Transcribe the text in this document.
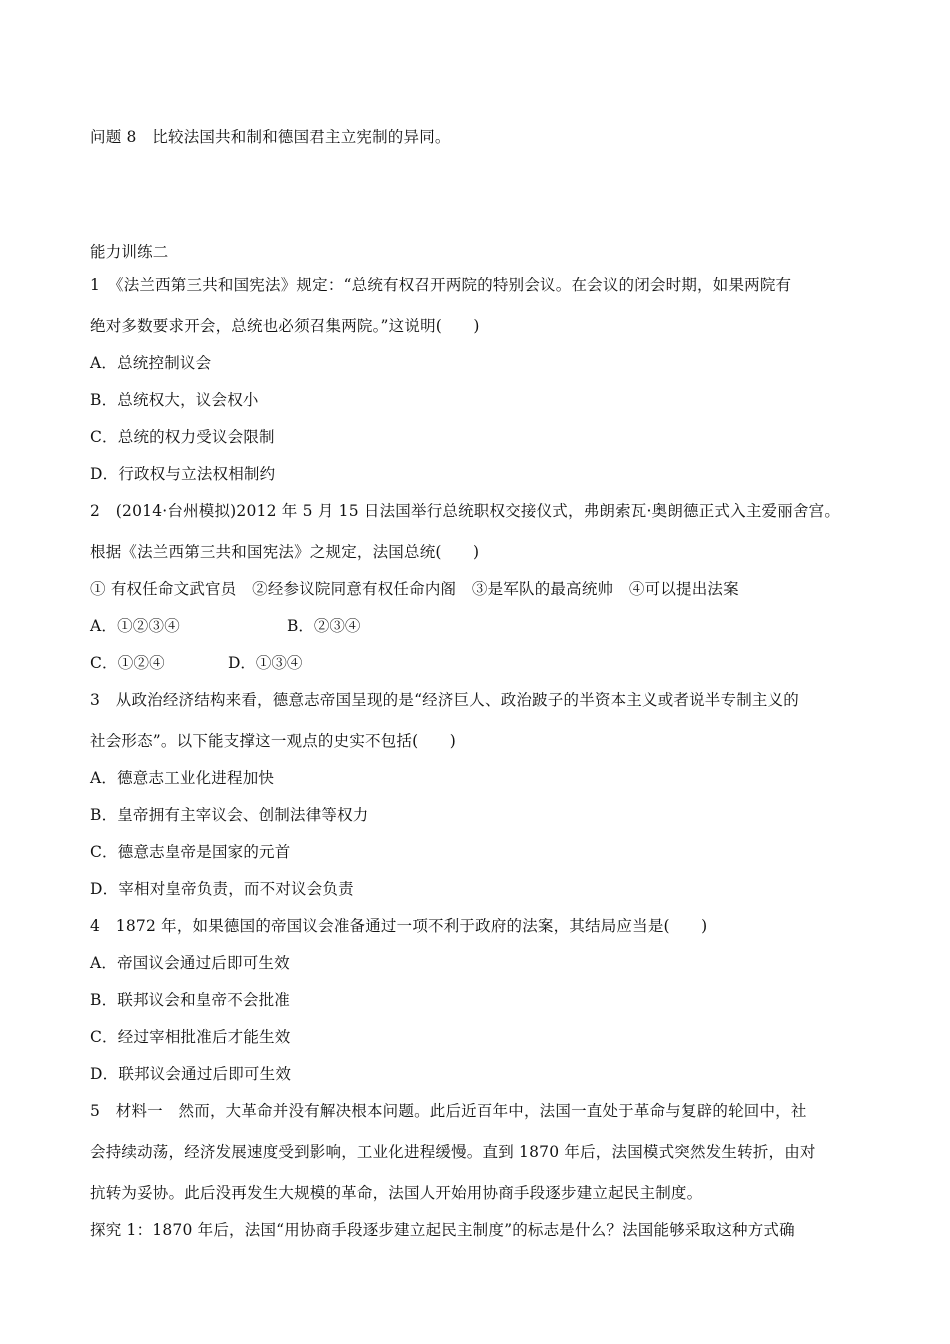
问题 8　比较法国共和制和德国君主立宪制的异同。
能力训练二
1　《法兰西第三共和国宪法》规定：“总统有权召开两院的特别会议。在会议的闭会时期，如果两院有
绝对多数要求开会，总统也必须召集两院。”这说明(　　)
A．总统控制议会
B．总统权大，议会权小
C．总统的权力受议会限制
D．行政权与立法权相制约
2　(2014·台州模拟)2012 年 5 月 15 日法国举行总统职权交接仪式，弗朗索瓦·奥朗德正式入主爱丽舍宫。
根据《法兰西第三共和国宪法》之规定，法国总统(　　)
① 有权任命文武官员　②经参议院同意有权任命内阁　③是军队的最高统帅　④可以提出法案
A．①②③④	B．②③④
C．①②④	D．①③④
3　从政治经济结构来看，德意志帝国呈现的是“经济巨人、政治跛子的半资本主义或者说半专制主义的
社会形态”。以下能支撑这一观点的史实不包括(　　)
A．德意志工业化进程加快
B．皇帝拥有主宰议会、创制法律等权力
C．德意志皇帝是国家的元首
D．宰相对皇帝负责，而不对议会负责
4　1872 年，如果德国的帝国议会准备通过一项不利于政府的法案，其结局应当是(　　)
A．帝国议会通过后即可生效
B．联邦议会和皇帝不会批准
C．经过宰相批准后才能生效
D．联邦议会通过后即可生效
5　材料一　然而，大革命并没有解决根本问题。此后近百年中，法国一直处于革命与复辟的轮回中，社
会持续动荡，经济发展速度受到影响，工业化进程缓慢。直到 1870 年后，法国模式突然发生转折，由对
抗转为妥协。此后没再发生大规模的革命，法国人开始用协商手段逐步建立起民主制度。
探究 1：1870 年后，法国“用协商手段逐步建立起民主制度”的标志是什么？法国能够采取这种方式确
